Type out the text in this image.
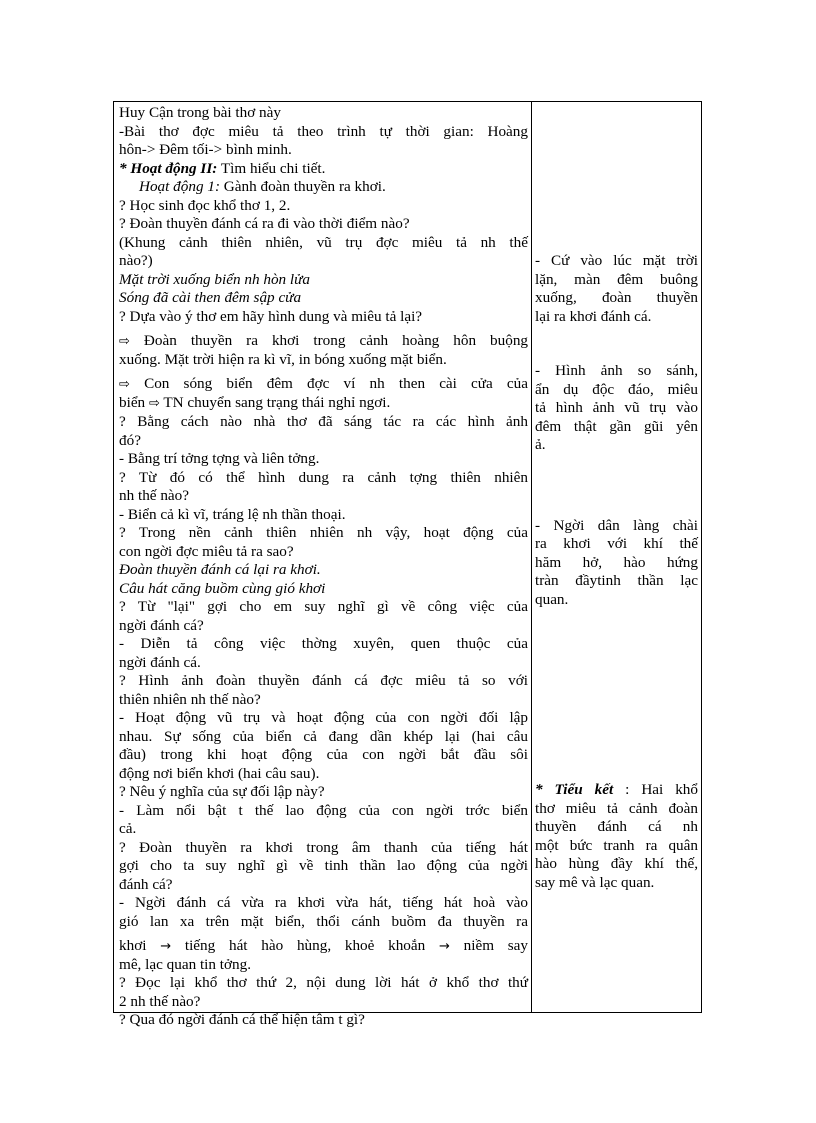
Huy Cận trong bài thơ này
-Bài thơ đợc miêu tả theo trình tự thời gian: Hoàng
hôn-> Đêm tối-> bình minh.
* Hoạt động II: Tìm hiểu chi tiết.
Hoạt động 1: Gành đoàn thuyền ra khơi.
? Học sinh đọc khổ thơ 1, 2.
? Đoàn thuyền đánh cá ra đi vào thời điểm nào?
(Khung cảnh thiên nhiên, vũ trụ đợc miêu tả nh thế
nào?)
Mặt trời xuống biển nh hòn lửa
Sóng đã cài then đêm sập cửa
? Dựa vào ý thơ em hãy hình dung và miêu tả lại?
⇨ Đoàn thuyền ra khơi trong cảnh hoàng hôn buộng
xuống. Mặt trời hiện ra kì vĩ, in bóng xuống mặt biển.
⇨ Con sóng biển đêm đợc ví nh then cài cửa của
biển ⇨ TN chuyển sang trạng thái nghỉ ngơi.
? Bằng cách nào nhà thơ đã sáng tác ra các hình ảnh
đó?
- Bằng trí tởng tợng và liên tởng.
? Từ đó có thể hình dung ra cảnh tợng thiên nhiên
nh thế nào?
- Biển cả kì vĩ, tráng lệ nh thần thoại.
? Trong nền cảnh thiên nhiên nh vậy, hoạt động của
con ngời đợc miêu tả ra sao?
Đoàn thuyền đánh cá lại ra khơi.
Câu hát căng buồm cùng gió khơi
? Từ "lại" gợi cho em suy nghĩ gì về công việc của
ngời đánh cá?
- Diễn tả công việc thờng xuyên, quen thuộc của
ngời đánh cá.
? Hình ảnh đoàn thuyền đánh cá đợc miêu tả so với
thiên nhiên nh thế nào?
- Hoạt động vũ trụ và hoạt động của con ngời đối lập
nhau. Sự sống của biển cả đang dần khép lại (hai câu
đầu) trong khi hoạt động của con ngời bắt đầu sôi
động nơi biển khơi (hai câu sau).
? Nêu ý nghĩa của sự đối lập này?
- Làm nổi bật t thế lao động của con ngời trớc biển
cả.
? Đoàn thuyền ra khơi trong âm thanh của tiếng hát
gợi cho ta suy nghĩ gì về tinh thần lao động của ngời
đánh cá?
- Ngời đánh cá vừa ra khơi vừa hát, tiếng hát hoà vào
gió lan xa trên mặt biển, thổi cánh buồm đa thuyền ra
khơi → tiếng hát hào hùng, khoẻ khoắn → niềm say
mê, lạc quan tin tởng.
? Đọc lại khổ thơ thứ 2, nội dung lời hát ở khổ thơ thứ
2 nh thế nào?
? Qua đó ngời đánh cá thể hiện tâm t gì?
- Cứ vào lúc mặt trời
lặn, màn đêm buông
xuống, đoàn thuyền
lại ra khơi đánh cá.
- Hình ảnh so sánh,
ẩn dụ độc đáo, miêu
tả hình ảnh vũ trụ vào
đêm thật gần gũi yên
ả.
- Ngời dân làng chài
ra khơi với khí thế
hăm hở, hào hứng
tràn đầytinh thần lạc
quan.
* Tiểu kết : Hai khổ
thơ miêu tả cảnh đoàn
thuyền đánh cá nh
một bức tranh ra quân
hào hùng đầy khí thế,
say mê và lạc quan.
